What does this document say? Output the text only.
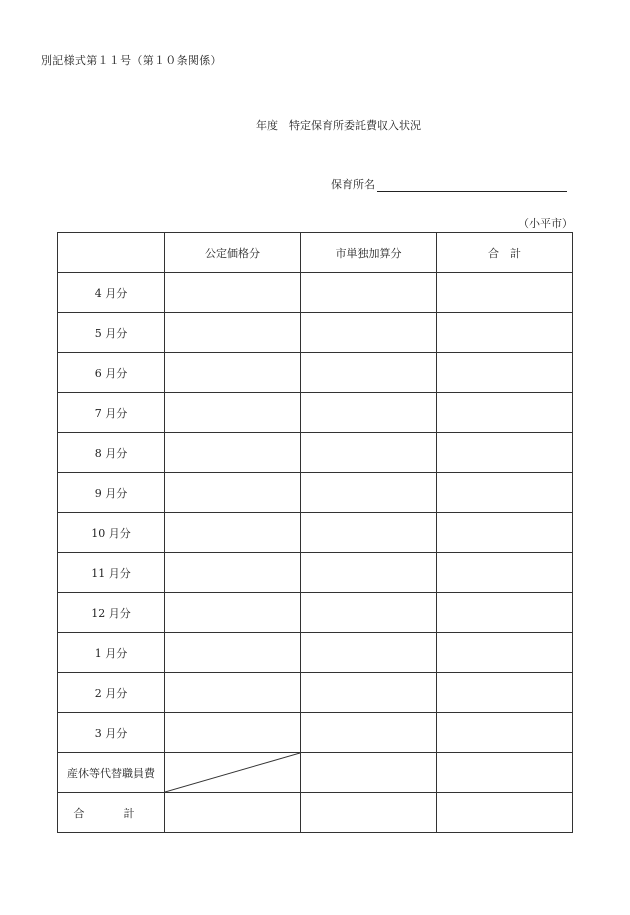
別記様式第１１号（第１０条関係）
年度　特定保育所委託費収入状況
保育所名
（小平市）
	公定価格分	市単独加算分	合　計
4 月分			
5 月分			
6 月分			
7 月分			
8 月分			
9 月分			
10 月分			
11 月分			
12 月分			
1 月分			
2 月分			
3 月分			
産休等代替職員費	

合　計			
